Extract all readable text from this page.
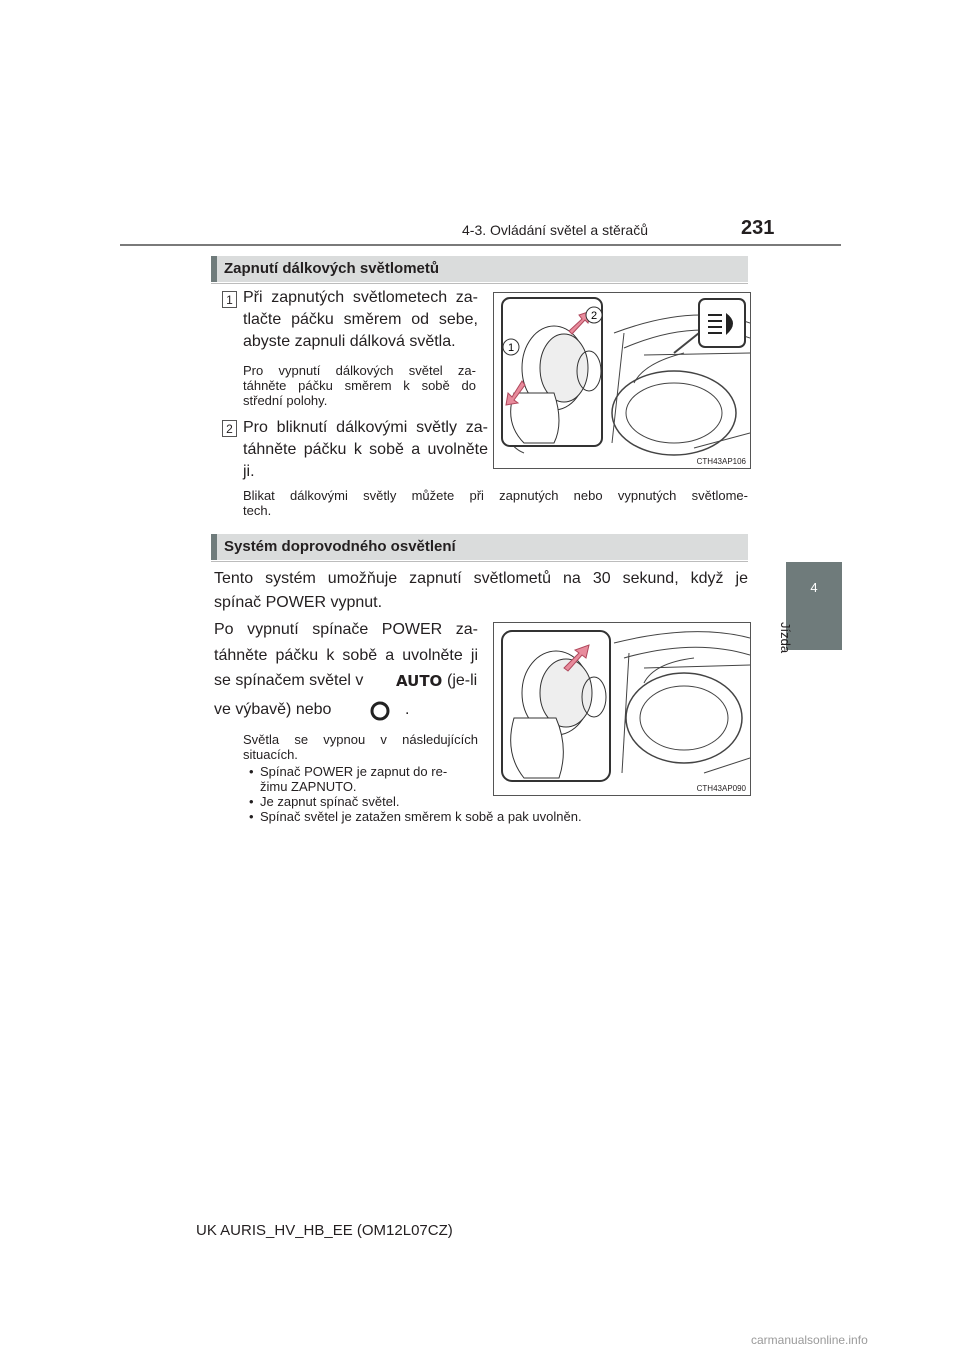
4-3. Ovládání světel a stěračů	231
4
Jízda
Zapnutí dálkových světlometů
1 Při zapnutých světlometech za-
tlačte páčku směrem od sebe,
abyste zapnuli dálková světla.
Pro vypnutí dálkových světel za-
táhněte páčku směrem k sobě do
střední polohy.
2 Pro bliknutí dálkovými světly za-
táhněte páčku k sobě a uvolněte
ji.
Blikat dálkovými světly můžete při zapnutých nebo vypnutých světlome-
tech.
2
1
CTH43AP106
Systém doprovodného osvětlení
Tento systém umožňuje zapnutí světlometů na 30 sekund, když je
spínač POWER vypnut.
Po vypnutí spínače POWER za-
táhněte páčku k sobě a uvolněte ji
se spínačem světel v AUTO (je-li
ve výbavě) nebo	.
Světla se vypnou v následujících
situacích.
• Spínač POWER je zapnut do re-
žimu ZAPNUTO.
• Je zapnut spínač světel.
• Spínač světel je zatažen směrem k sobě a pak uvolněn.
CTH43AP090
UK AURIS_HV_HB_EE (OM12L07CZ)
carmanualsonline.info
